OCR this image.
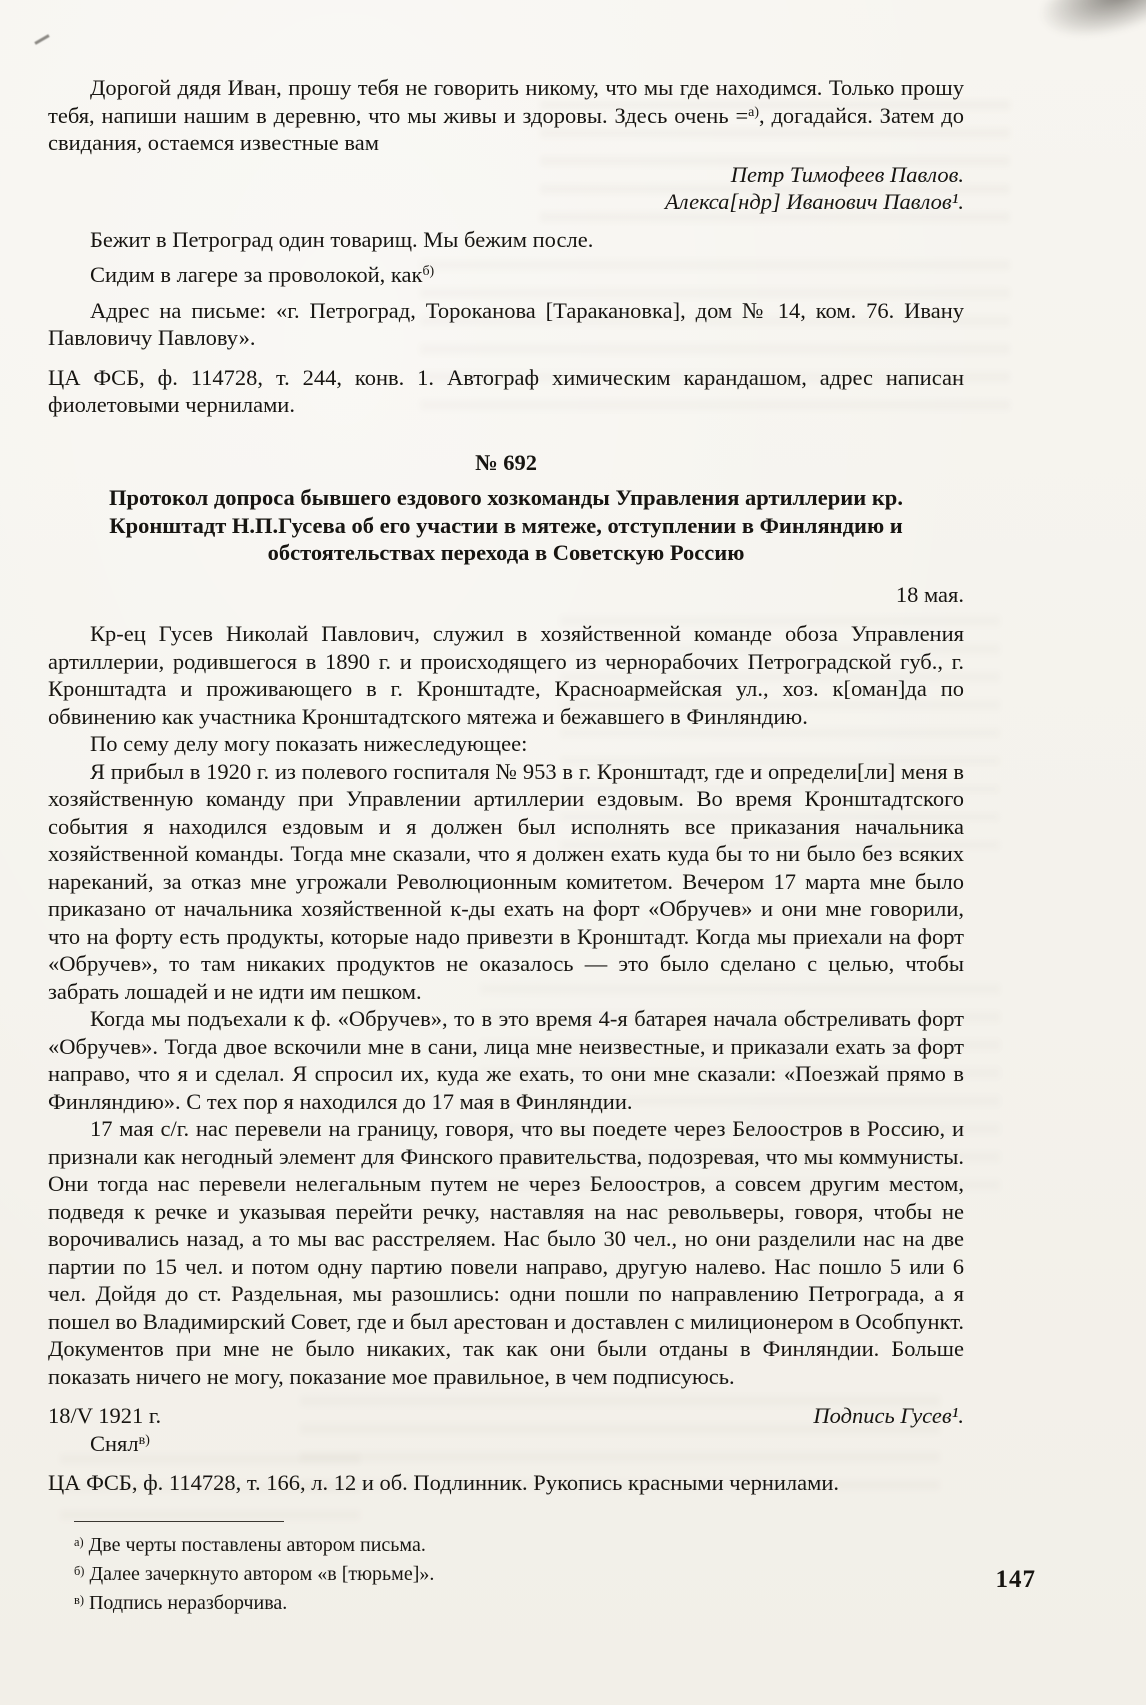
Дорогой дядя Иван, прошу тебя не говорить никому, что мы где находимся. Только прошу тебя, напиши нашим в деревню, что мы живы и здоровы. Здесь очень =$^{а)}$, догадайся. Затем до свидания, остаемся известные вам

Петр Тимофеев Павлов.

Алекса[ндр] Иванович Павлов¹.

Бежит в Петроград один товарищ. Мы бежим после.

Сидим в лагере за проволокой, как$^{б)}$

Адрес на письме: «г. Петроград, Тороканова [Таракановка], дом № 14, ком. 76. Ивану Павловичу Павлову».

ЦА ФСБ, ф. 114728, т. 244, конв. 1. Автограф химическим карандашом, адрес написан фиолетовыми чернилами.

№ 692

Протокол допроса бывшего ездового хозкоманды Управления артиллерии кр. Кронштадт Н.П.Гусева об его участии в мятеже, отступлении в Финляндию и обстоятельствах перехода в Советскую Россию

18 мая.

Кр-ец Гусев Николай Павлович, служил в хозяйственной команде обоза Управления артиллерии, родившегося в 1890 г. и происходящего из чернорабочих Петроградской губ., г. Кронштадта и проживающего в г. Кронштадте, Красноармейская ул., хоз. к[оман]да по обвинению как участника Кронштадтского мятежа и бежавшего в Финляндию.

По сему делу могу показать нижеследующее:

Я прибыл в 1920 г. из полевого госпиталя № 953 в г. Кронштадт, где и определи[ли] меня в хозяйственную команду при Управлении артиллерии ездовым. Во время Кронштадтского события я находился ездовым и я должен был исполнять все приказания начальника хозяйственной команды. Тогда мне сказали, что я должен ехать куда бы то ни было без всяких нареканий, за отказ мне угрожали Революционным комитетом. Вечером 17 марта мне было приказано от начальника хозяйственной к-ды ехать на форт «Обручев» и они мне говорили, что на форту есть продукты, которые надо привезти в Кронштадт. Когда мы приехали на форт «Обручев», то там никаких продуктов не оказалось — это было сделано с целью, чтобы забрать лошадей и не идти им пешком.

Когда мы подъехали к ф. «Обручев», то в это время 4-я батарея начала обстреливать форт «Обручев». Тогда двое вскочили мне в сани, лица мне неизвестные, и приказали ехать за форт направо, что я и сделал. Я спросил их, куда же ехать, то они мне сказали: «Поезжай прямо в Финляндию». С тех пор я находился до 17 мая в Финляндии.

17 мая с/г. нас перевели на границу, говоря, что вы поедете через Белоостров в Россию, и признали как негодный элемент для Финского правительства, подозревая, что мы коммунисты. Они тогда нас перевели нелегальным путем не через Белоостров, а совсем другим местом, подведя к речке и указывая перейти речку, наставляя на нас револьверы, говоря, чтобы не ворочивались назад, а то мы вас расстреляем. Нас было 30 чел., но они разделили нас на две партии по 15 чел. и потом одну партию повели направо, другую налево. Нас пошло 5 или 6 чел. Дойдя до ст. Раздельная, мы разошлись: одни пошли по направлению Петрограда, а я пошел во Владимирский Совет, где и был арестован и доставлен с милиционером в Особпункт. Документов при мне не было никаких, так как они были отданы в Финляндии. Больше показать ничего не могу, показание мое правильное, в чем подписуюсь.

18/V 1921 г.	Подпись Гусев¹.

Снял$^{в)}$

ЦА ФСБ, ф. 114728, т. 166, л. 12 и об. Подлинник. Рукопись красными чернилами.

$^{а)}$ Две черты поставлены автором письма.

$^{б)}$ Далее зачеркнуто автором «в [тюрьме]».

$^{в)}$ Подпись неразборчива.

147
